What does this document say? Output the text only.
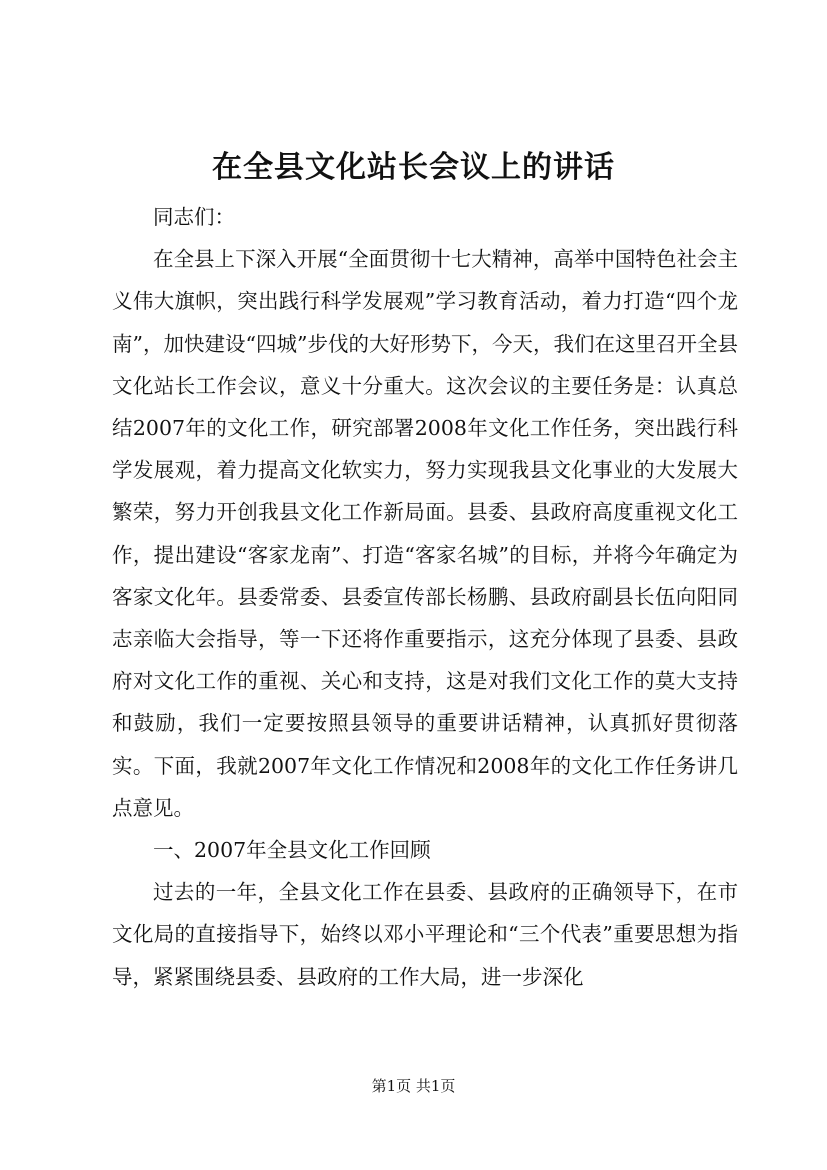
在全县文化站长会议上的讲话

同志们：

在全县上下深入开展“全面贯彻十七大精神，高举中国特色社会主义伟大旗帜，突出践行科学发展观”学习教育活动，着力打造“四个龙南”，加快建设“四城”步伐的大好形势下，今天，我们在这里召开全县文化站长工作会议，意义十分重大。这次会议的主要任务是：认真总结2007年的文化工作，研究部署2008年文化工作任务，突出践行科学发展观，着力提高文化软实力，努力实现我县文化事业的大发展大繁荣，努力开创我县文化工作新局面。县委、县政府高度重视文化工作，提出建设“客家龙南”、打造“客家名城”的目标，并将今年确定为客家文化年。县委常委、县委宣传部长杨鹏、县政府副县长伍向阳同志亲临大会指导，等一下还将作重要指示，这充分体现了县委、县政府对文化工作的重视、关心和支持，这是对我们文化工作的莫大支持和鼓励，我们一定要按照县领导的重要讲话精神，认真抓好贯彻落实。下面，我就2007年文化工作情况和2008年的文化工作任务讲几点意见。

一、2007年全县文化工作回顾

过去的一年，全县文化工作在县委、县政府的正确领导下，在市文化局的直接指导下，始终以邓小平理论和“三个代表”重要思想为指导，紧紧围绕县委、县政府的工作大局，进一步深化

第1页 共1页
